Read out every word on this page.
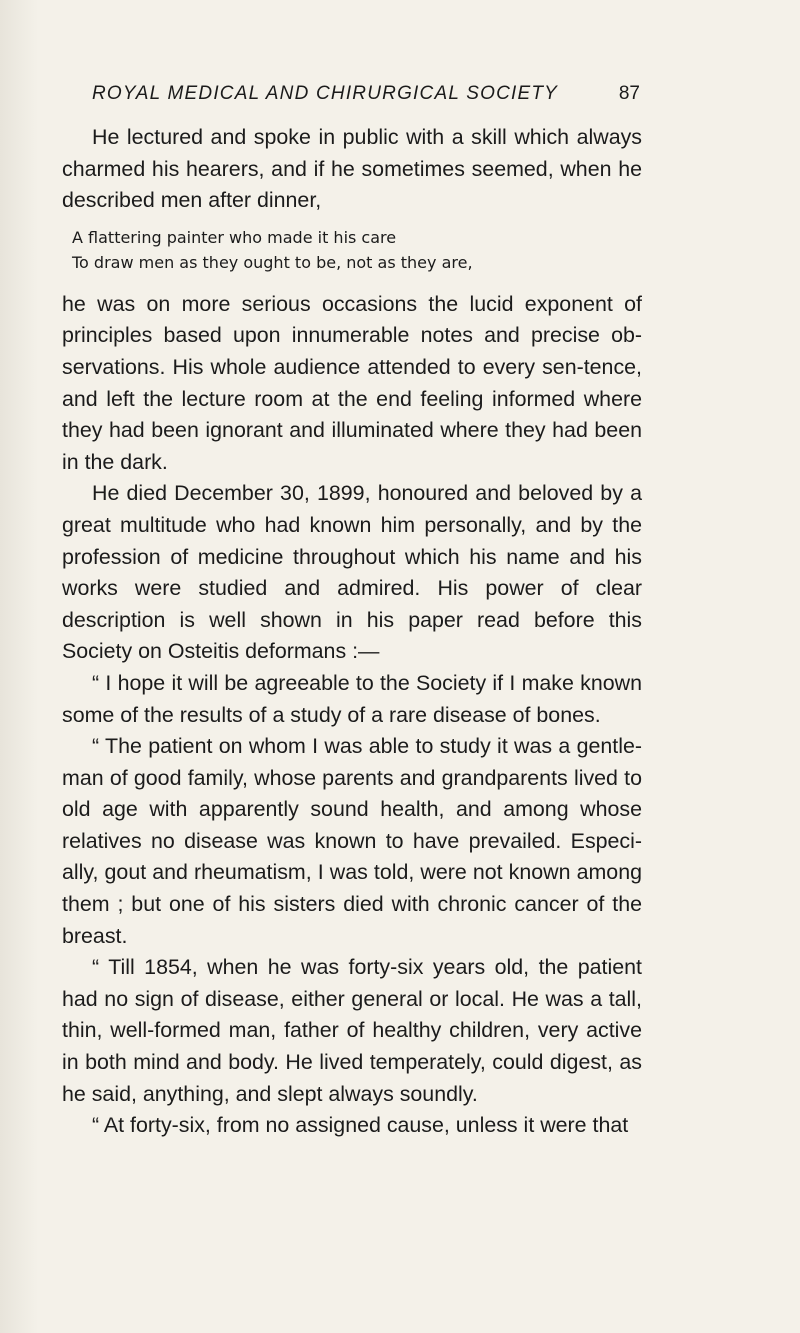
ROYAL MEDICAL AND CHIRURGICAL SOCIETY	87

He lectured and spoke in public with a skill which always charmed his hearers, and if he sometimes seemed, when he described men after dinner,

A flattering painter who made it his care
To draw men as they ought to be, not as they are,

he was on more serious occasions the lucid exponent of principles based upon innumerable notes and precise ob-servations. His whole audience attended to every sen-tence, and left the lecture room at the end feeling informed where they had been ignorant and illuminated where they had been in the dark.

He died December 30, 1899, honoured and beloved by a great multitude who had known him personally, and by the profession of medicine throughout which his name and his works were studied and admired. His power of clear description is well shown in his paper read before this Society on Osteitis deformans :—

“ I hope it will be agreeable to the Society if I make known some of the results of a study of a rare disease of bones.

“ The patient on whom I was able to study it was a gentle-man of good family, whose parents and grandparents lived to old age with apparently sound health, and among whose relatives no disease was known to have prevailed. Especi-ally, gout and rheumatism, I was told, were not known among them ; but one of his sisters died with chronic cancer of the breast.

“ Till 1854, when he was forty-six years old, the patient had no sign of disease, either general or local. He was a tall, thin, well-formed man, father of healthy children, very active in both mind and body. He lived temperately, could digest, as he said, anything, and slept always soundly.

“ At forty-six, from no assigned cause, unless it were that
